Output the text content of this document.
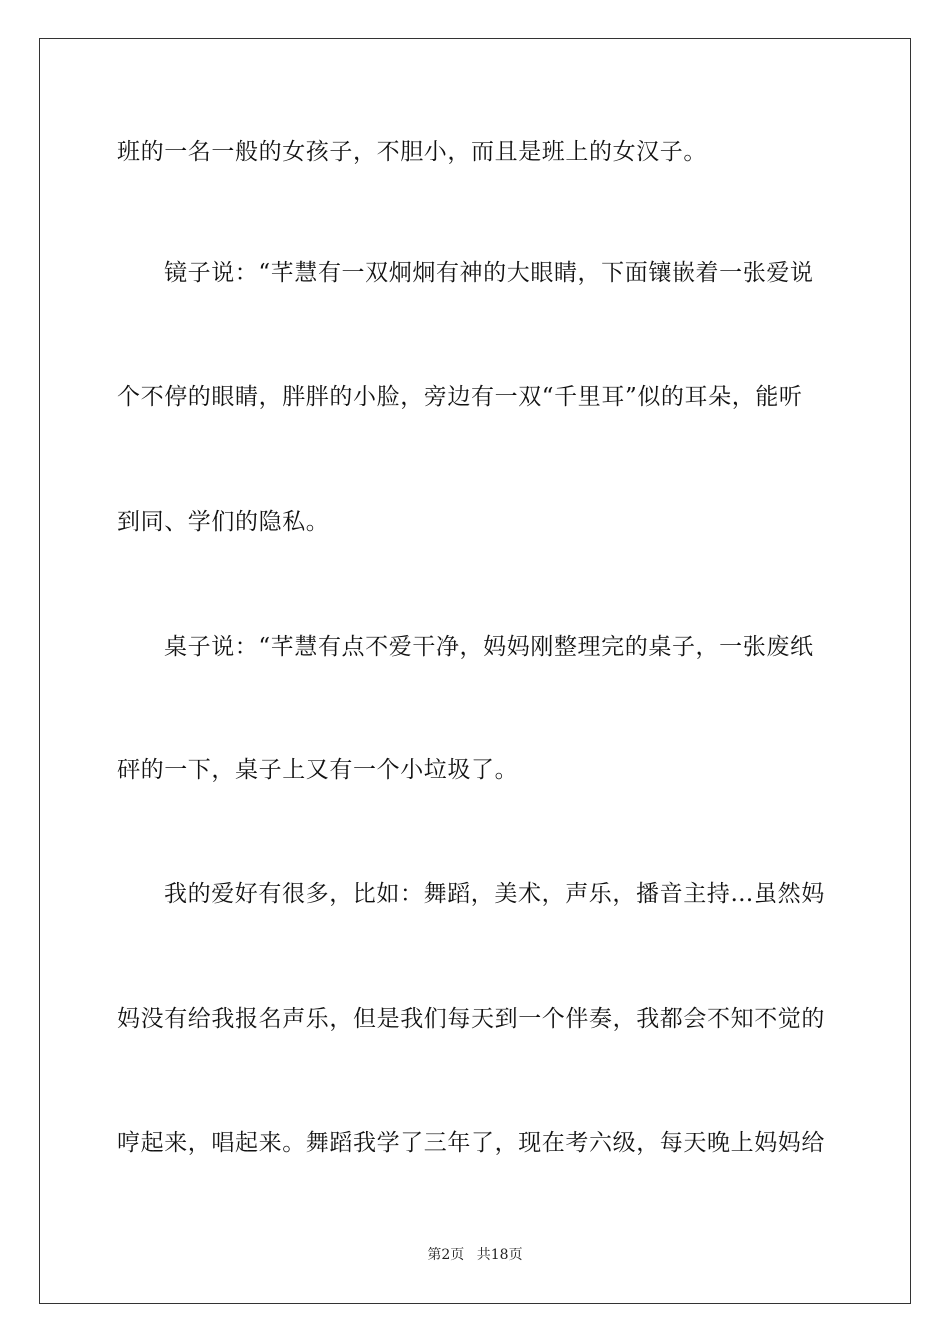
班的一名一般的女孩子，不胆小，而且是班上的女汉子。
镜子说：“芊慧有一双炯炯有神的大眼睛，下面镶嵌着一张爱说
个不停的眼睛，胖胖的小脸，旁边有一双“千里耳”似的耳朵，能听
到同、学们的隐私。
桌子说：“芊慧有点不爱干净，妈妈刚整理完的桌子，一张废纸
砰的一下，桌子上又有一个小垃圾了。
我的爱好有很多，比如：舞蹈，美术，声乐，播音主持…虽然妈
妈没有给我报名声乐，但是我们每天到一个伴奏，我都会不知不觉的
哼起来，唱起来。舞蹈我学了三年了，现在考六级，每天晚上妈妈给
第2页 共18页
